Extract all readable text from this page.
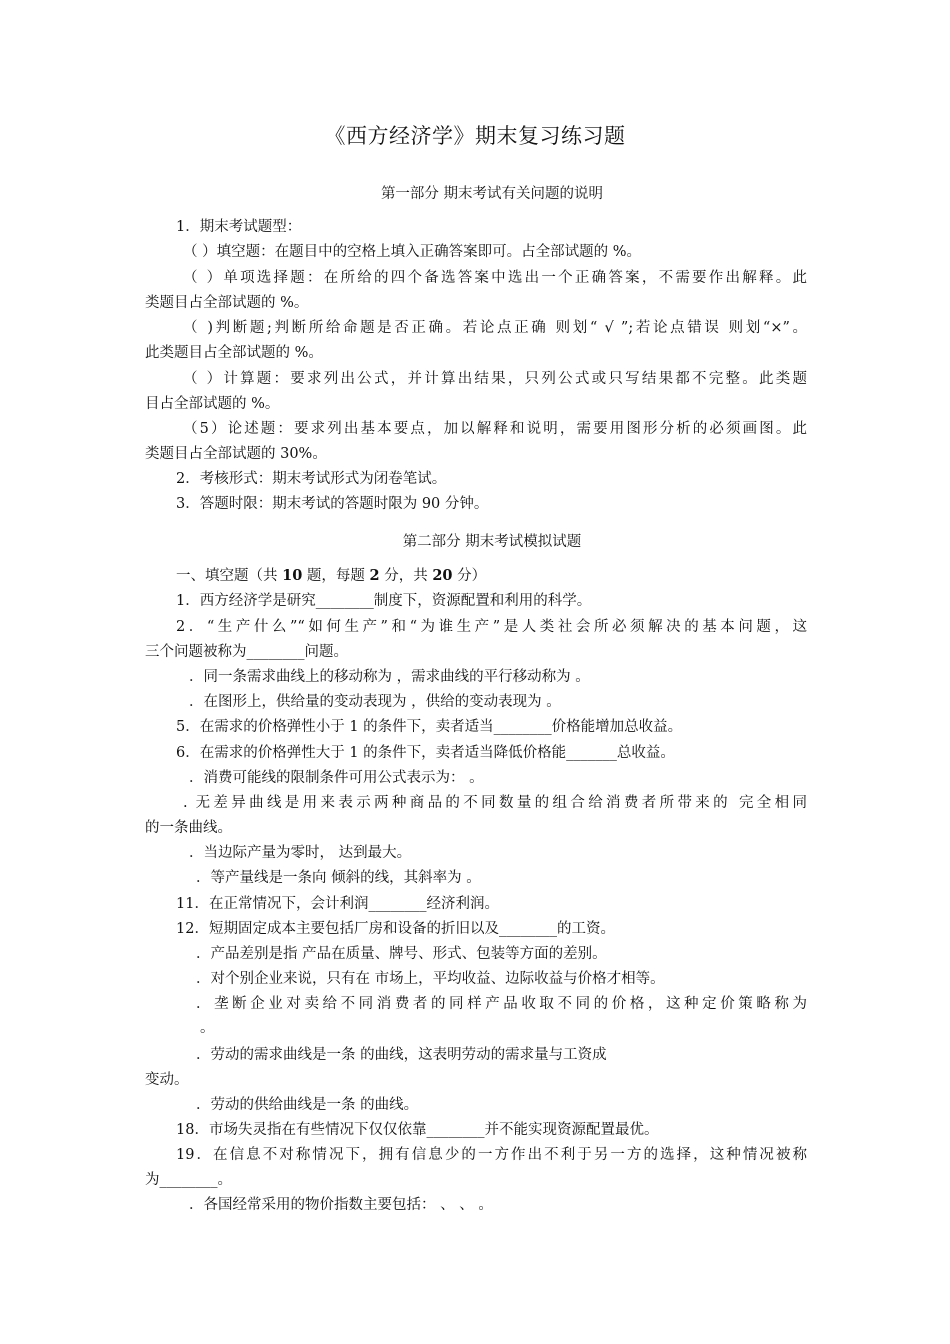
《西方经济学》期末复习练习题
第一部分 期末考试有关问题的说明
1．期末考试题型：
（ ）填空题：在题目中的空格上填入正确答案即可。占全部试题的 %。
（ ）单项选择题：在所给的四个备选答案中选出一个正确答案，不需要作出解释。此
类题目占全部试题的 %。
（ )判断题;判断所给命题是否正确。若论点正确 则划“ √ ”;若论点错误 则划“×”。
此类题目占全部试题的 %。
（ ）计算题：要求列出公式，并计算出结果，只列公式或只写结果都不完整。此类题
目占全部试题的 %。
（5）论述题：要求列出基本要点，加以解释和说明，需要用图形分析的必须画图。此
类题目占全部试题的 30%。
2．考核形式：期末考试形式为闭卷笔试。
3．答题时限：期末考试的答题时限为 90 分钟。
第二部分 期末考试模拟试题
一、填空题（共 10 题，每题 2 分，共 20 分）
1．西方经济学是研究________制度下，资源配置和利用的科学。
2．“生产什么”“如何生产”和“为谁生产”是人类社会所必须解决的基本问题，这
三个问题被称为________问题。
．同一条需求曲线上的移动称为 ，需求曲线的平行移动称为 。
．在图形上，供给量的变动表现为 ，供给的变动表现为 。
5．在需求的价格弹性小于 1 的条件下，卖者适当________价格能增加总收益。
6．在需求的价格弹性大于 1 的条件下，卖者适当降低价格能_______总收益。
．消费可能线的限制条件可用公式表示为： 。
. 无差异曲线是用来表示两种商品的不同数量的组合给消费者所带来的 完全相同
的一条曲线。
．当边际产量为零时， 达到最大。
．等产量线是一条向 倾斜的线，其斜率为 。
11．在正常情况下，会计利润________经济利润。
12．短期固定成本主要包括厂房和设备的折旧以及________的工资。
．产品差别是指 产品在质量、牌号、形式、包装等方面的差别。
．对个别企业来说，只有在 市场上，平均收益、边际收益与价格才相等。
．垄断企业对卖给不同消费者的同样产品收取不同的价格，这种定价策略称为
。
．劳动的需求曲线是一条 的曲线，这表明劳动的需求量与工资成
变动。
．劳动的供给曲线是一条 的曲线。
18．市场失灵指在有些情况下仅仅依靠________并不能实现资源配置最优。
19．在信息不对称情况下，拥有信息少的一方作出不利于另一方的选择，这种情况被称
为________。
．各国经常采用的物价指数主要包括： 、 、 。
